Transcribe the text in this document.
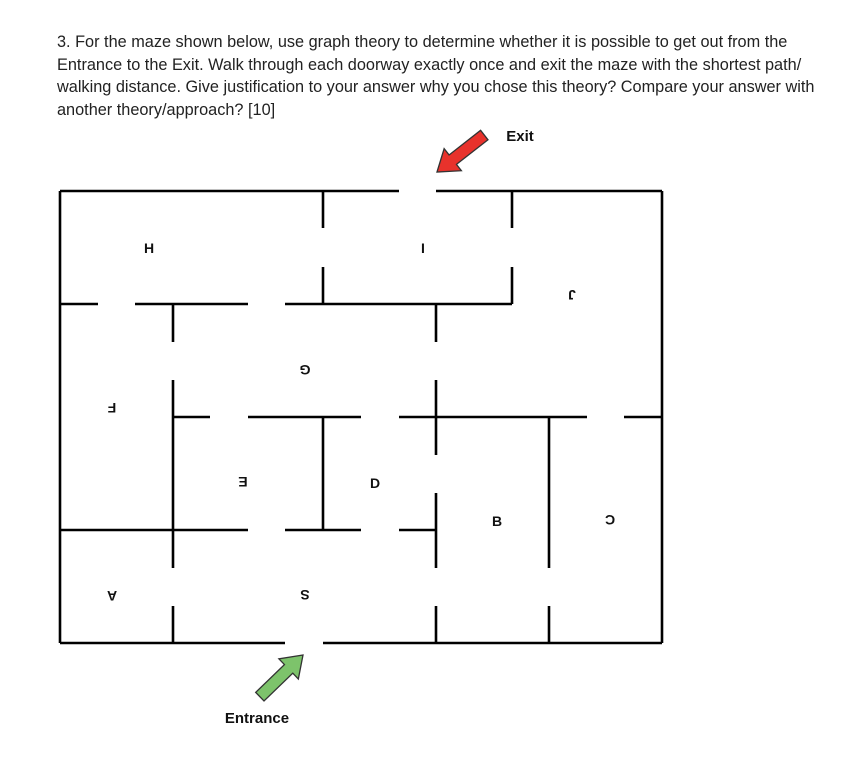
3. For the maze shown below, use graph theory to determine whether it is possible to get out from the Entrance to the Exit. Walk through each doorway exactly once and exit the maze with the shortest path/ walking distance. Give justification to your answer why you chose this theory? Compare your answer with another theory/approach? [10]

H	I
J
G
F
E	D
B	C
A	S
Exit
Entrance
